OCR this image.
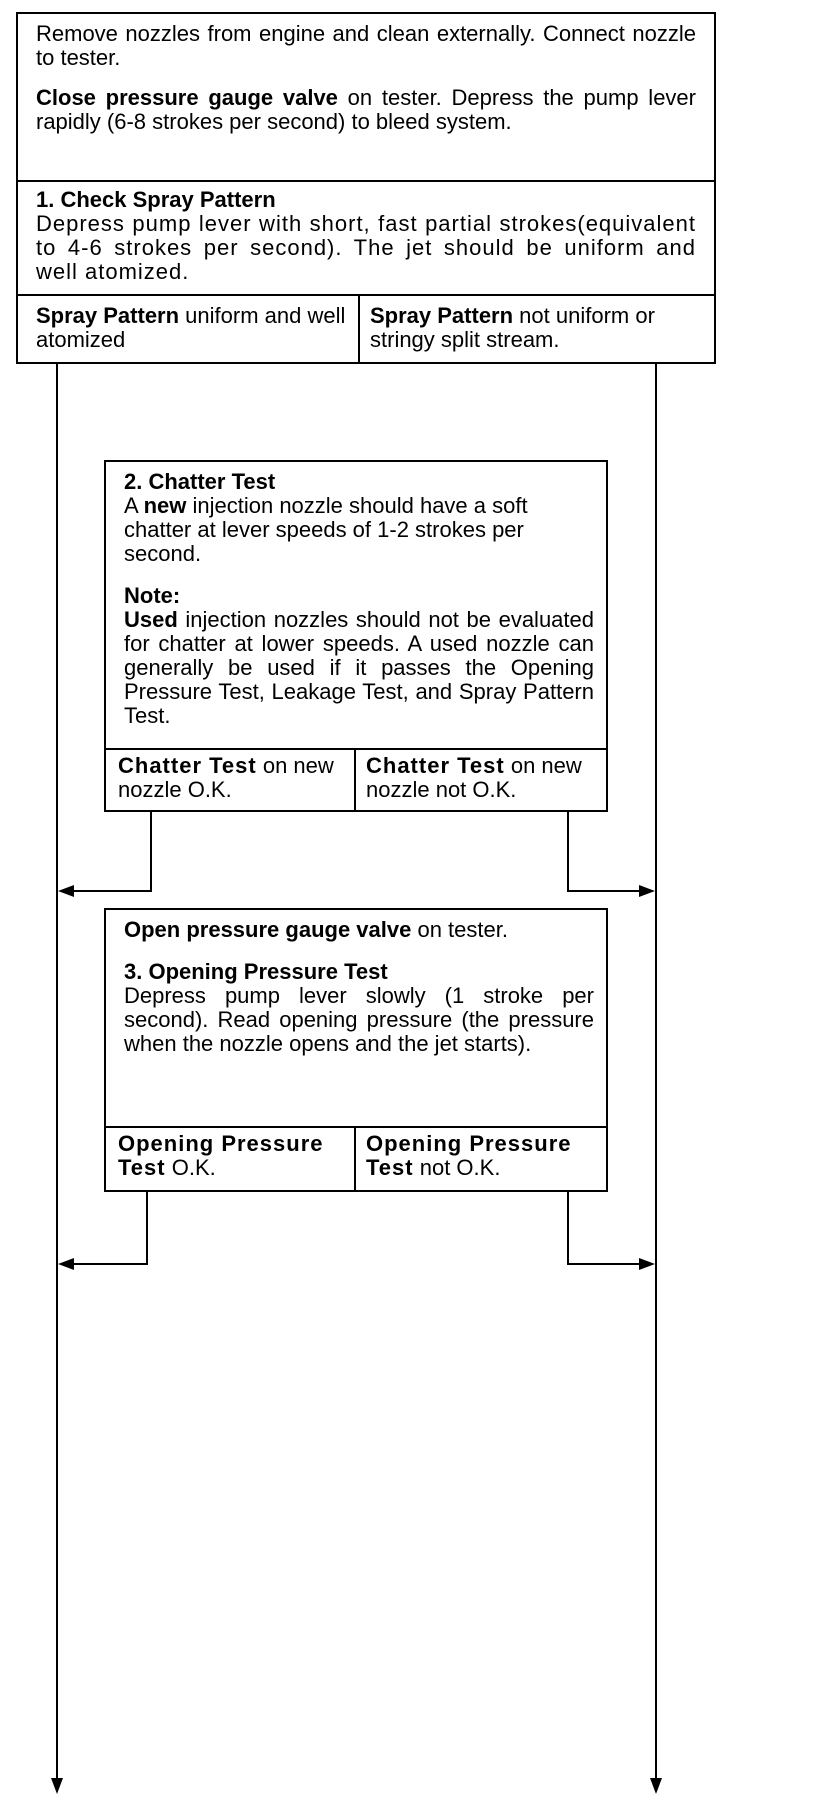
Remove nozzles from engine and clean externally. Connect nozzle to tester.

Close pressure gauge valve on tester. Depress the pump lever rapidly (6-8 strokes per second) to bleed system.

1. Check Spray Pattern

Depress pump lever with short, fast partial strokes(equivalent to 4-6 strokes per second). The jet should be uniform and well atomized.

Spray Pattern uniform and well atomized
Spray Pattern not uniform or stringy split stream.

2. Chatter Test

A new injection nozzle should have a soft chatter at lever speeds of 1-2 strokes per second.

Note:

Used injection nozzles should not be evaluated for chatter at lower speeds. A used nozzle can generally be used if it passes the Opening Pressure Test, Leakage Test, and Spray Pattern Test.

Chatter Test on new nozzle O.K.
Chatter Test on new nozzle not O.K.

Open pressure gauge valve on tester.

3. Opening Pressure Test

Depress pump lever slowly (1 stroke per second). Read opening pressure (the pressure when the nozzle opens and the jet starts).

Opening Pressure Test O.K.
Opening Pressure Test not O.K.
